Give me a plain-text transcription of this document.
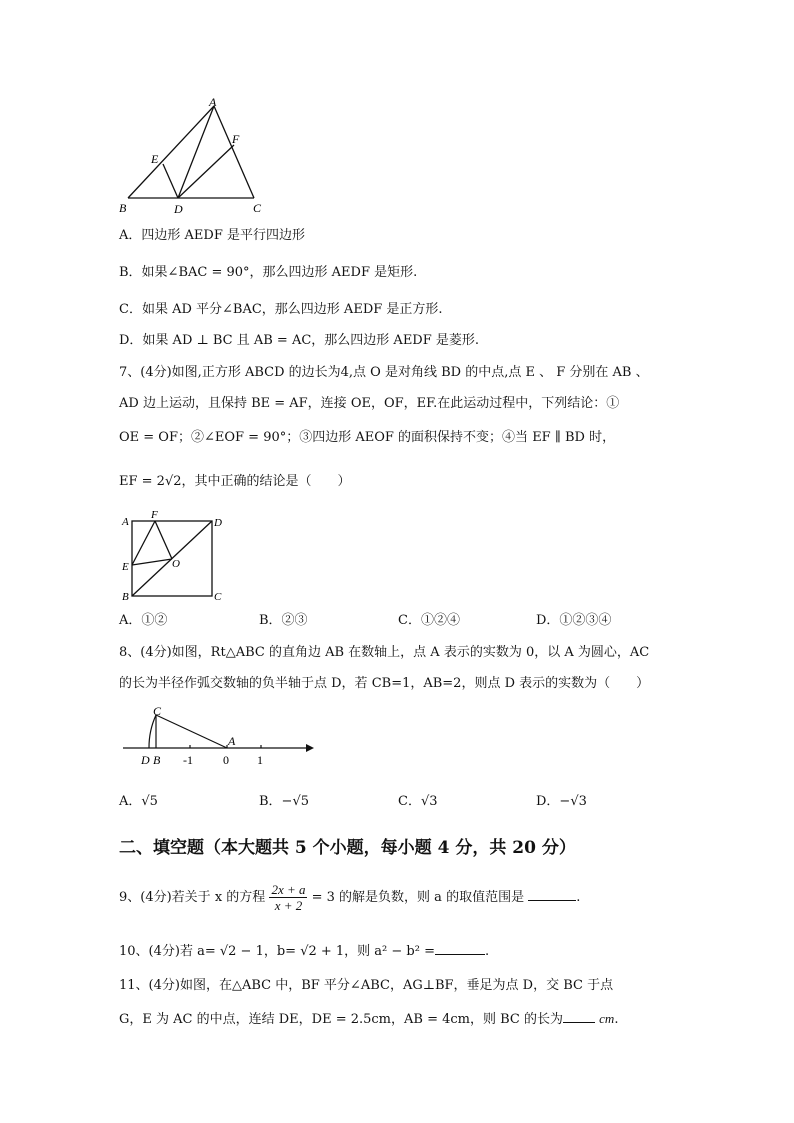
A
B	C
D
E
F
A．四边形 AEDF 是平行四边形
B．如果∠BAC = 90°，那么四边形 AEDF 是矩形.
C．如果 AD 平分∠BAC，那么四边形 AEDF 是正方形.
D．如果 AD ⊥ BC 且 AB = AC，那么四边形 AEDF 是菱形.
7、(4分)如图,正方形 ABCD 的边长为4,点 O 是对角线 BD 的中点,点 E 、 F 分别在 AB 、
AD 边上运动，且保持 BE = AF，连接 OE，OF，EF.在此运动过程中，下列结论：①
OE = OF；②∠EOF = 90°；③四边形 AEOF 的面积保持不变；④当 EF ∥ BD 时，
EF = 2√2，其中正确的结论是（　　）
A
F
D
E	O
B	C
A．①②	B．②③	C．①②④	D．①②③④
8、(4分)如图，Rt△ABC 的直角边 AB 在数轴上，点 A 表示的实数为 0，以 A 为圆心，AC
的长为半径作弧交数轴的负半轴于点 D，若 CB=1，AB=2，则点 D 表示的实数为（　　）
C
A
D B -1	0 1
A．√5	B．−√5	C．√3	D．−√3
二、填空题（本大题共 5 个小题，每小题 4 分，共 20 分）
9、(4分)若关于 x 的方程 $\frac{2x + a}{x + 2} = 3$ 的解是负数，则 a 的取值范围是	.
10、(4分)若 a= √2 − 1，b= √2 + 1，则 a² − b² =	.
11、(4分)如图，在△ABC 中，BF 平分∠ABC，AG⊥BF，垂足为点 D，交 BC 于点
G，E 为 AC 的中点，连结 DE，DE = 2.5cm，AB = 4cm，则 BC 的长为	cm.
